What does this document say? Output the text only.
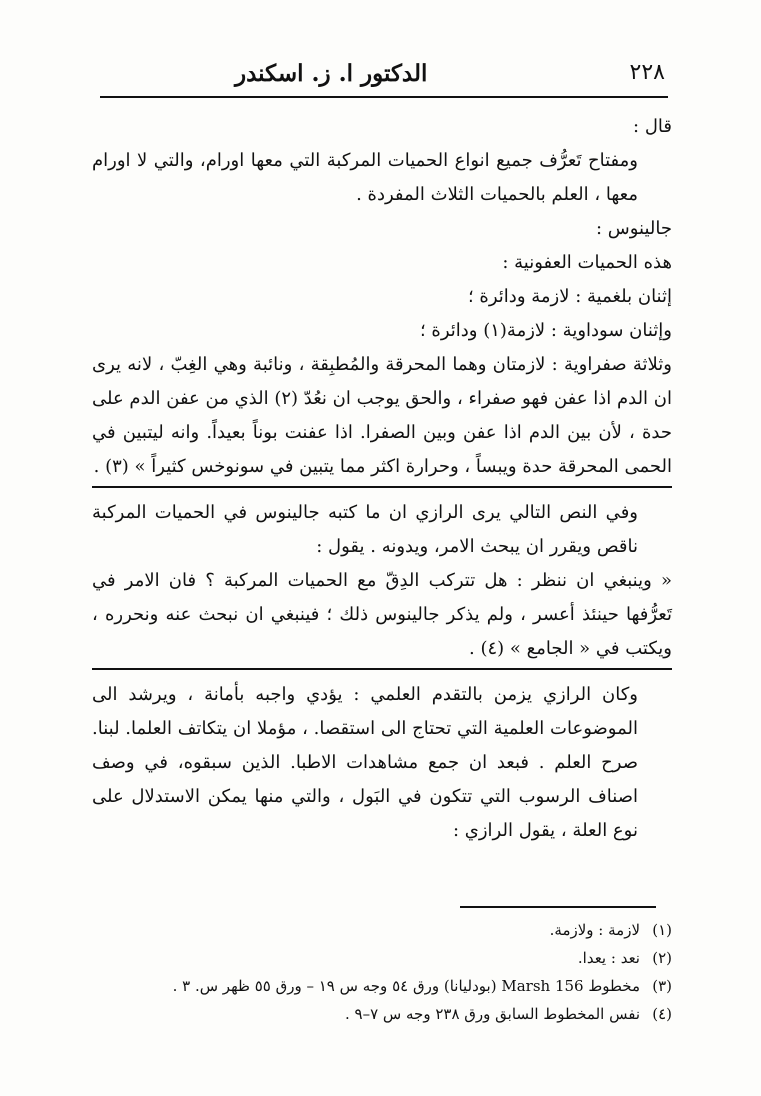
٢٢٨
الدكتور ا. ز. اسكندر

قال :

ومفتاح تَعرُّف جميع انواع الحميات المركبة التي معها اورام، والتي لا اورام معها ، العلم بالحميات الثلاث المفردة .

جالينوس :

هذه الحميات العفونية :

إثنان بلغمية : لازمة ودائرة ؛

وإثنان سوداوية : لازمة(١) ودائرة ؛

وثلاثة صفراوية : لازمتان وهما المحرقة والمُطبِقة ، ونائبة وهي الغِبّ ، لانه يرى ان الدم اذا عفن فهو صفراء ، والحق يوجب ان نعُدّ (٢) الذي من عفن الدم على حدة ، لأن بين الدم اذا عفن وبين الصفرا. اذا عفنت بوناً بعيداً. وانه ليتبين في الحمى المحرقة حدة ويبساً ، وحرارة اكثر مما يتبين في سونوخس كثيراً » (٣) .

وفي النص التالي يرى الرازي ان ما كتبه جالينوس في الحميات المركبة ناقص ويقرر ان يبحث الامر، ويدونه . يقول :

« وينبغي ان ننظر : هل تتركب الدِقّ مع الحميات المركبة ؟ فان الامر في تَعرُّفها حينئذ أعسر ، ولم يذكر جالينوس ذلك ؛ فينبغي ان نبحث عنه ونحرره ، ويكتب في « الجامع » (٤) .

وكان الرازي يزمن بالتقدم العلمي : يؤدي واجبه بأمانة ، ويرشد الى الموضوعات العلمية التي تحتاج الى استقصا. ، مؤملا ان يتكاتف العلما. لبنا. صرح العلم . فبعد ان جمع مشاهدات الاطبا. الذين سبقوه، في وصف اصناف الرسوب التي تتكون في البَول ، والتي منها يمكن الاستدلال على نوع العلة ، يقول الرازي :

(١)لازمة : ولازمة.

(٢)نعد : يعدا.

(٣)مخطوط Marsh 156 (بودليانا) ورق ٥٤ وجه س ١٩ – ورق ٥٥ ظهر س. ٣ .

(٤)نفس المخطوط السابق ورق ٢٣٨ وجه س ٧–٩ .
